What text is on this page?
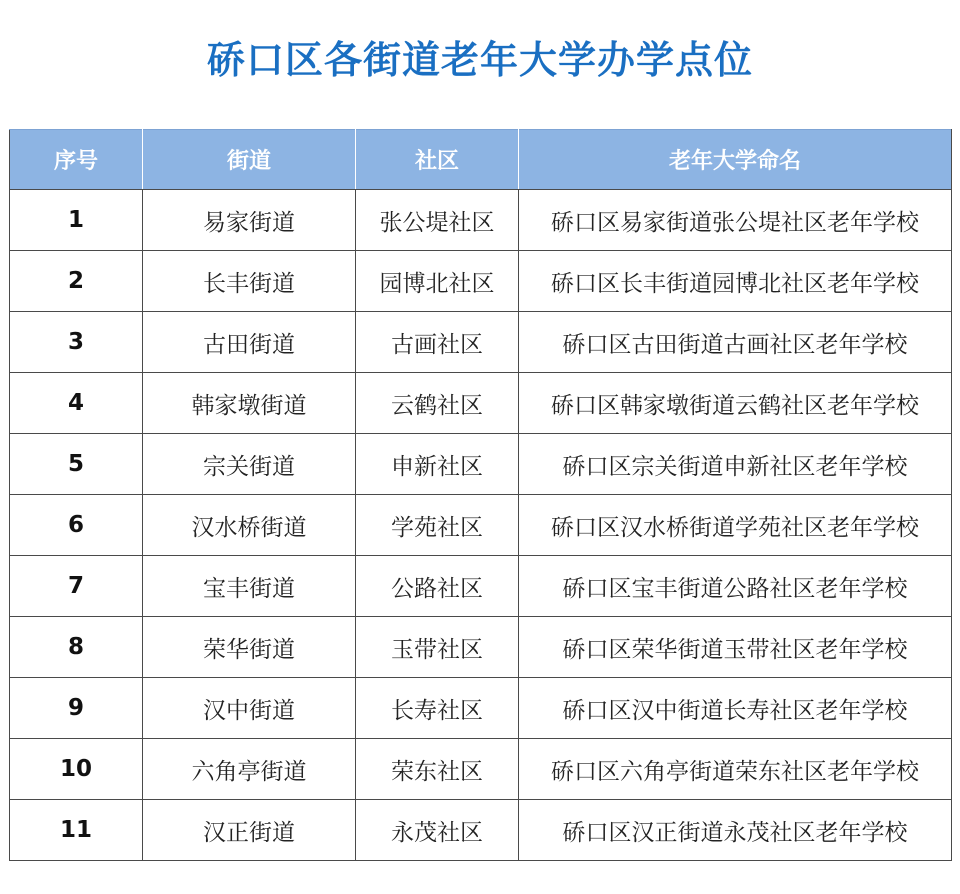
硚口区各街道老年大学办学点位
序号	街道	社区	老年大学命名
1	易家街道	张公堤社区	硚口区易家街道张公堤社区老年学校
2	长丰街道	园博北社区	硚口区长丰街道园博北社区老年学校
3	古田街道	古画社区	硚口区古田街道古画社区老年学校
4	韩家墩街道	云鹤社区	硚口区韩家墩街道云鹤社区老年学校
5	宗关街道	申新社区	硚口区宗关街道申新社区老年学校
6	汉水桥街道	学苑社区	硚口区汉水桥街道学苑社区老年学校
7	宝丰街道	公路社区	硚口区宝丰街道公路社区老年学校
8	荣华街道	玉带社区	硚口区荣华街道玉带社区老年学校
9	汉中街道	长寿社区	硚口区汉中街道长寿社区老年学校
10	六角亭街道	荣东社区	硚口区六角亭街道荣东社区老年学校
11	汉正街道	永茂社区	硚口区汉正街道永茂社区老年学校
